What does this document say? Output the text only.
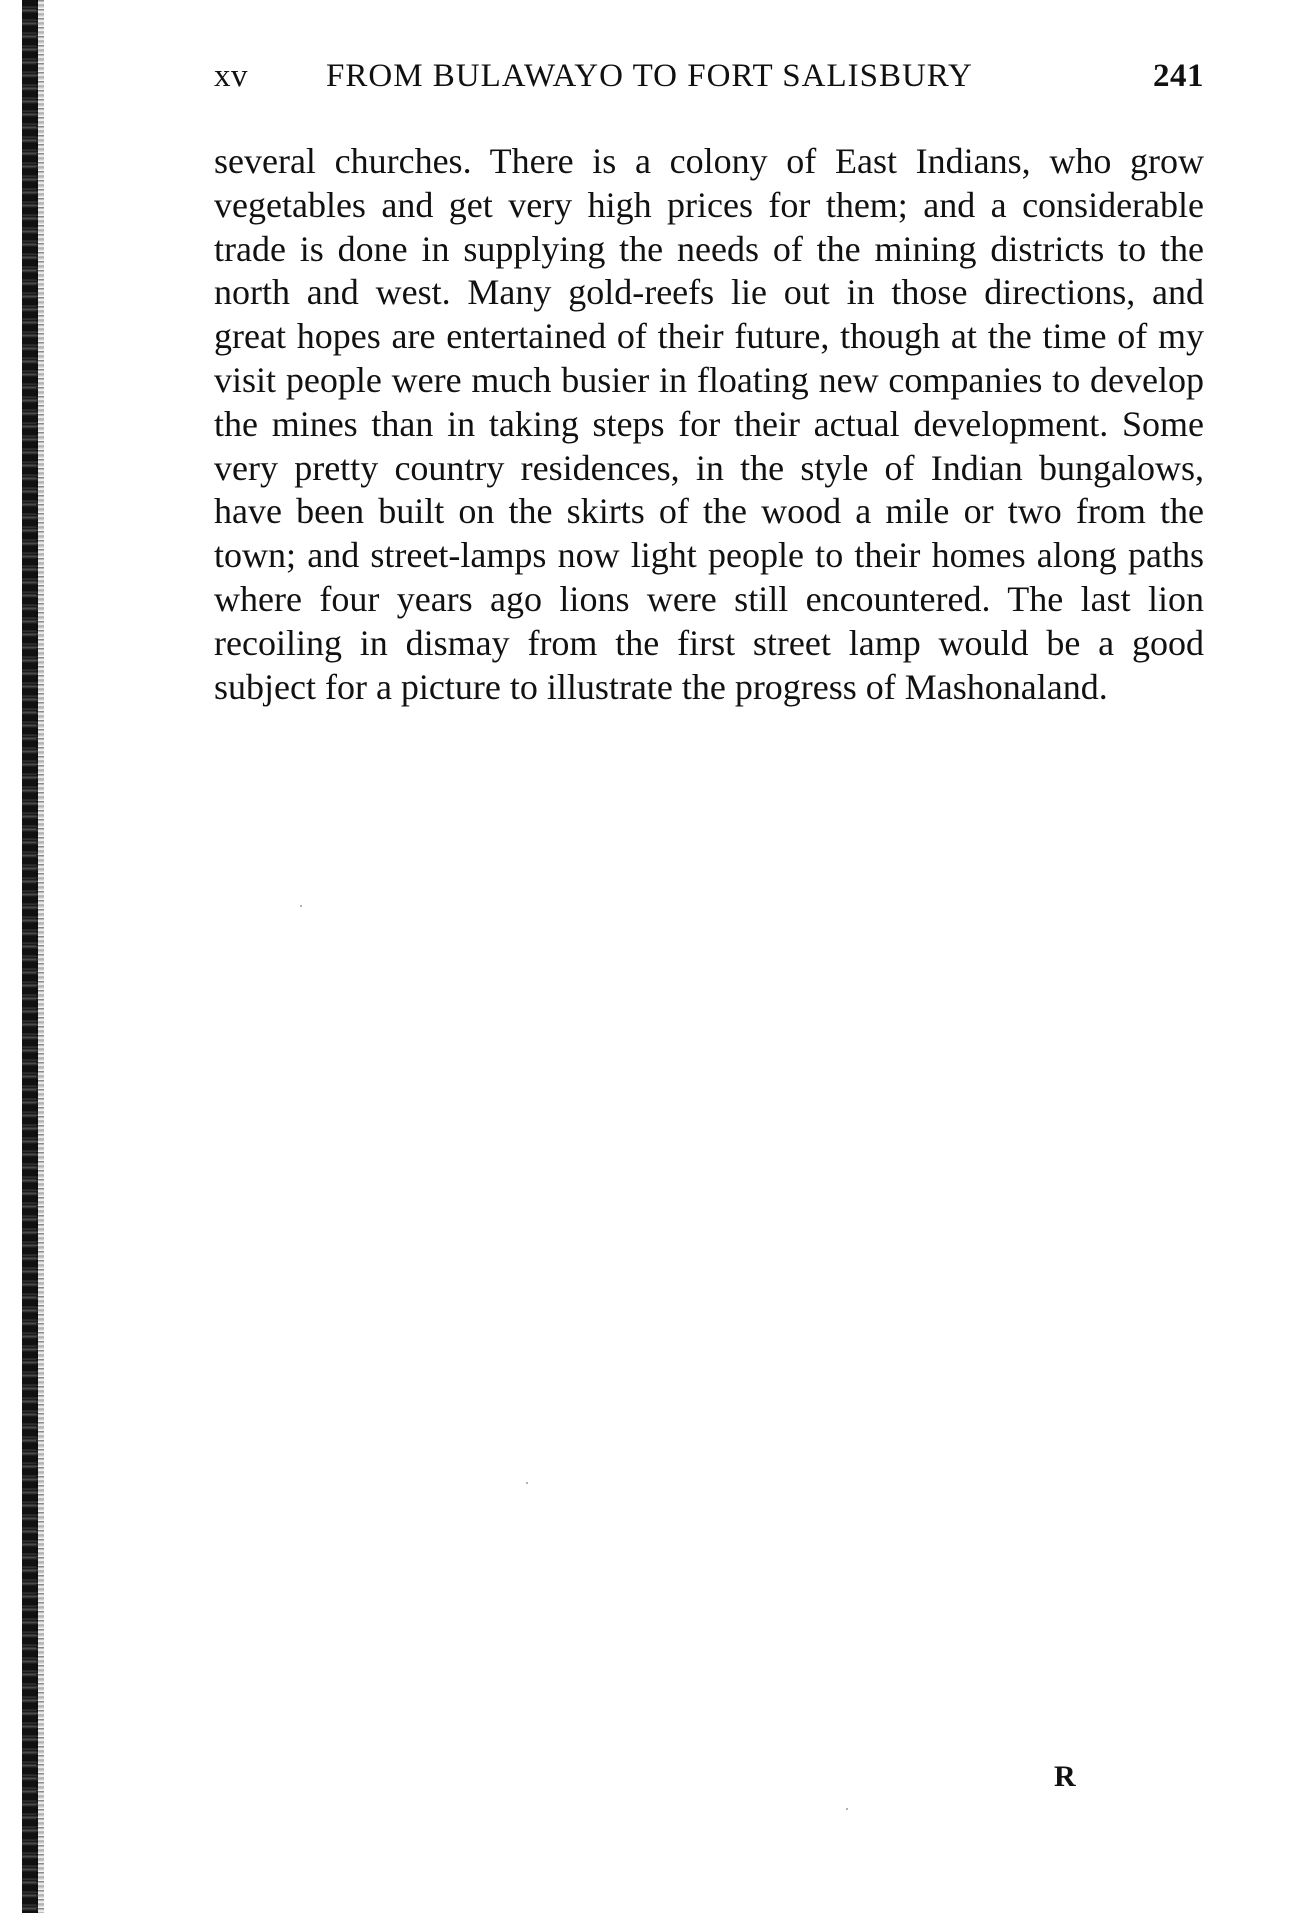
xv FROM BULAWAYO TO FORT SALISBURY	241

several churches. There is a colony of East Indians, who grow vegetables and get very high prices for them; and a considerable trade is done in supplying the needs of the mining districts to the north and west. Many gold-reefs lie out in those directions, and great hopes are entertained of their future, though at the time of my visit people were much busier in floating new companies to develop the mines than in taking steps for their actual development. Some very pretty country residences, in the style of Indian bungalows, have been built on the skirts of the wood a mile or two from the town; and street-lamps now light people to their homes along paths where four years ago lions were still encountered. The last lion recoiling in dismay from the first street lamp would be a good subject for a picture to illustrate the progress of Mashonaland.

R
